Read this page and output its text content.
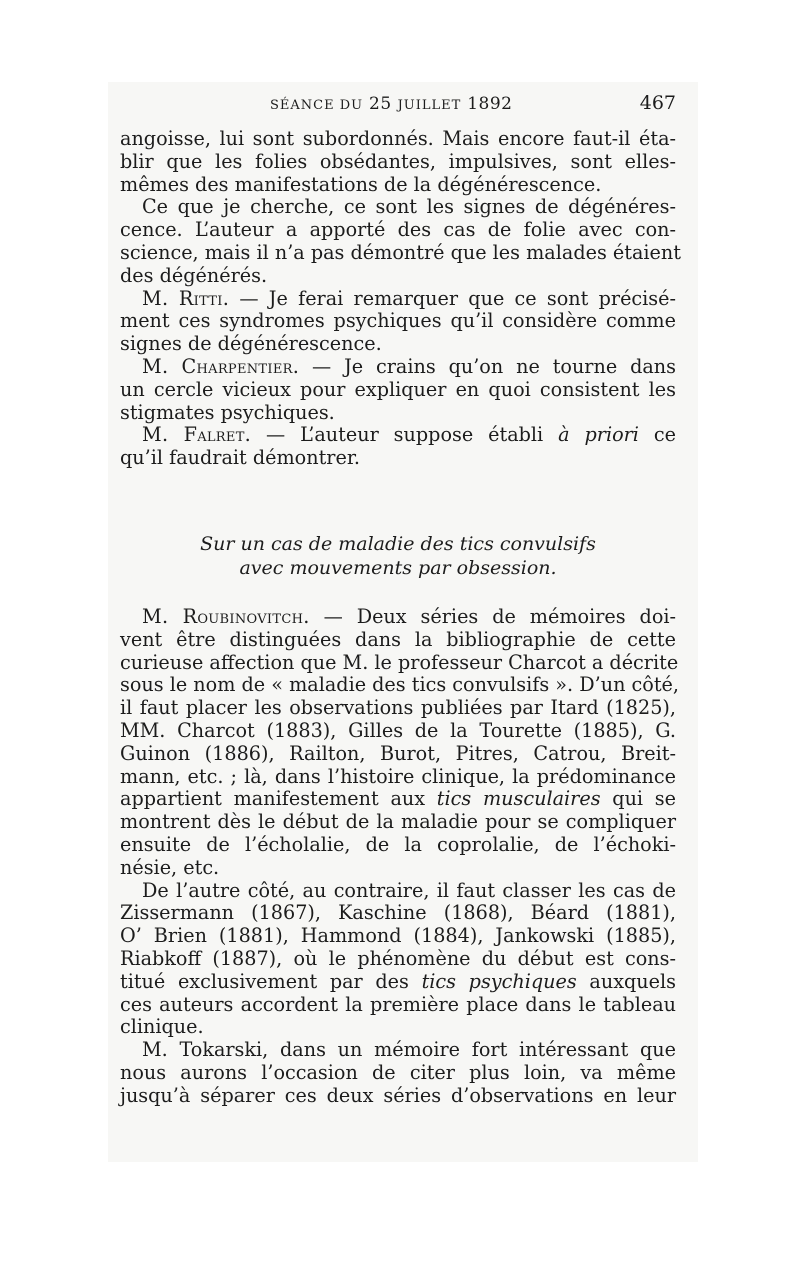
SÉANCE DU 25 JUILLET 1892	467
angoisse, lui sont subordonnés. Mais encore faut-il éta-
blir que les folies obsédantes, impulsives, sont elles-
mêmes des manifestations de la dégénérescence.
Ce que je cherche, ce sont les signes de dégénéres-
cence. L’auteur a apporté des cas de folie avec con-
science, mais il n’a pas démontré que les malades étaient
des dégénérés.
M. Ritti. — Je ferai remarquer que ce sont précisé-
ment ces syndromes psychiques qu’il considère comme
signes de dégénérescence.
M. Charpentier. — Je crains qu’on ne tourne dans
un cercle vicieux pour expliquer en quoi consistent les
stigmates psychiques.
M. Falret. — L’auteur suppose établi à priori ce
qu’il faudrait démontrer.
Sur un cas de maladie des tics convulsifs
avec mouvements par obsession.
M. Roubinovitch. — Deux séries de mémoires doi-
vent être distinguées dans la bibliographie de cette
curieuse affection que M. le professeur Charcot a décrite
sous le nom de « maladie des tics convulsifs ». D’un côté,
il faut placer les observations publiées par Itard (1825),
MM. Charcot (1883), Gilles de la Tourette (1885), G.
Guinon (1886), Railton, Burot, Pitres, Catrou, Breit-
mann, etc. ; là, dans l’histoire clinique, la prédominance
appartient manifestement aux tics musculaires qui se
montrent dès le début de la maladie pour se compliquer
ensuite de l’écholalie, de la coprolalie, de l’échoki-
nésie, etc.
De l’autre côté, au contraire, il faut classer les cas de
Zissermann (1867), Kaschine (1868), Béard (1881),
O’ Brien (1881), Hammond (1884), Jankowski (1885),
Riabkoff (1887), où le phénomène du début est cons-
titué exclusivement par des tics psychiques auxquels
ces auteurs accordent la première place dans le tableau
clinique.
M. Tokarski, dans un mémoire fort intéressant que
nous aurons l’occasion de citer plus loin, va même
jusqu’à séparer ces deux séries d’observations en leur
